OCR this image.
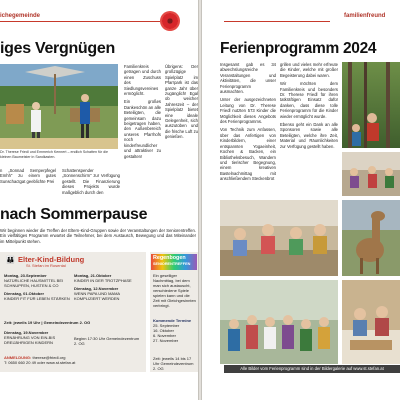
ichegemeinde
iges Vergnügen
Dr. Therese Friedl und Emmerich Kennert – endlich Schatten für die kleinen Baumeister in Sandkasten.

Familienkreis getragen und durch einen Zuschuss des Siedlungsvereines ermöglicht.

Ein großes Dankeschön an alle Beteiligten, die gemeinsam dazu beigetragen haben, den Außenbereich unseres Pfarrhofs noch kinderfreundlicher und attraktiver zu gestalten!

Übrigens: Der großzügige Spielplatz im Pfarrpark ist das ganze Jahr über zugänglich! Egal ob weicher Jahreszeit – der Spielplatz bietet eine ideale Gelegenheit, sich auszutoben und die frische Luft zu genießen.

n „Sonnad Semperpfegel Emhh“ zu einem gutes Sunschactgat geeblichte Prei

Schattenspender „Sonnenschirm“ zur Verfügung gestellt. Die Finanzierung dieses Projekts wurde maßgeblich durch den

nach Sommerpause
Wir beginnen wieder die Treffen der Eltern-Kind-Gruppen sowie der Veranstaltungen der Seniorentreffen. Ein vielfältiges Programm erwartet die Teilnehmer, bei dem Austausch, Bewegung und das Miteinander im Mittelpunkt stehen.
👪 Elter-Kind-Bildung
St. Stefan im Rosental
Montag, 23.September
NATÜRLICHE HAUSMITTEL BEI SCHNUPFEN, HUSTEN & CO
Dienstag, 01.Oktober
KINDER FIT FÜR LEBEN STÄRKEN
Montag, 21.Oktober
KINDER IN DER TROTZPHASE
Dienstag, 12.November
WENN PAPA UND MAMA KOMPLIZIERT WERDEN
Zeit: jeweils 19 Uhr | Gemeindezentrum 2. OG
Dienstag, 19.November
ERNÄHRUNG VON EIN-BIS DREIJÄHRIGEN KINDERN
Beginn 17:30 Uhr Gemeindezentrum 2. OG
ANMELDUNG: therese@friedl.org
T: 0650 660 20 49 oder www.st.stefan.at
Regenbogen
SENIORENTREFFEN
Ein geselliger Nachmittag, bei dem man sich austauscht, verschiedene Spiele spielen kann und die Zeit mit Gleichgesinnten verbringt.
Kommende Termine
25. September
16. Oktober
6. November
27. November
Zeit: jeweils 14 bis 17 Uhr Gemeindezentrum 2. OG
familienfreund
Ferienprogramm 2024

Insgesamt gab es 34 abwechslungsreiche Veranstaltungen und Aktivitäten, die unser Ferienprogramm ausmachten.

Unter der ausgezeichneten Leitung von Dr. Therese Friedl nutzten 573 Kinder die Möglichkeit dieses Angebots des Ferienprogramms.

Von Technik zum Anfassen, über das Anfertigen von Kinderbildern, einer entspannten Yogaeinheit, Kochen & Backen, ein Bibliotheksbesuch, Wandern und tierischer Begegnung, einem kreativen Bastelnachmittag mit anschließendem Steckenbrot

grillen und vieles mehr erfreute die Kinder, welche mit großer Begeisterung dabei waren.

Wir möchten dem Familienkreis und besonders Dr. Therese Friedl für ihren tatkräftigen Einsatz dafür danken, dass diese tolle Ferienprogramm für die Kinder wieder ermöglicht wurde.

Ebenso geht ein Dank an alle Sponsoren sowie alle Beteiligten, welche ihre Zeit, Material und Räumlichkeiten zur Verfügung gestellt haben.

Alle Bilder vom Ferienprogramm sind in der Bildergalerie auf www.st.stefan.at
